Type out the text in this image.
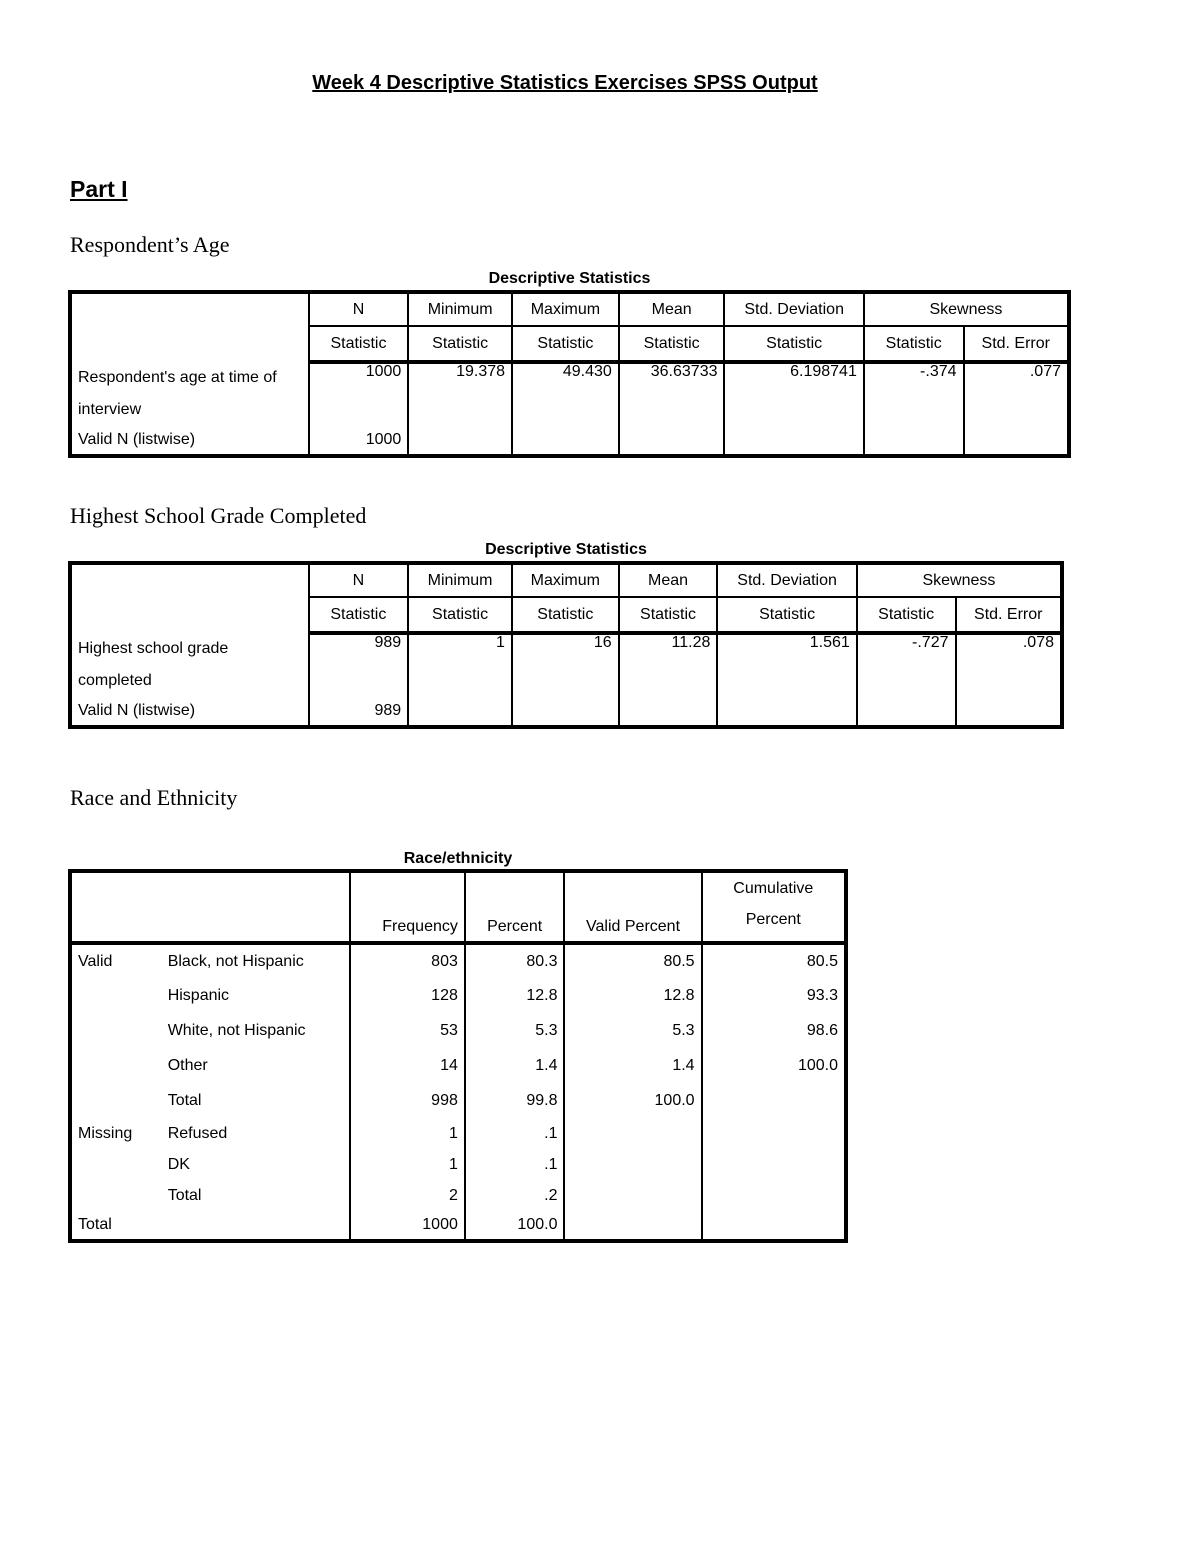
Week 4 Descriptive Statistics Exercises SPSS Output
Part I
Respondent’s Age
Descriptive Statistics
	N	Minimum	Maximum	Mean	Std. Deviation	Skewness	
	Statistic	Statistic	Statistic	Statistic	Statistic	Statistic	Std. Error
Respondent's age at time of interview	1000	19.378	49.430	36.63733	6.198741	-.374	.077
Valid N (listwise)	1000						
Highest School Grade Completed
Descriptive Statistics
	N	Minimum	Maximum	Mean	Std. Deviation	Skewness	
	Statistic	Statistic	Statistic	Statistic	Statistic	Statistic	Std. Error
Highest school grade completed	989	1	16	11.28	1.561	-.727	.078
Valid N (listwise)	989						
Race and Ethnicity
Race/ethnicity
		Frequency	Percent	Valid Percent	Cumulative
Percent
Valid	Black, not Hispanic	803	80.3	80.5	80.5
	Hispanic	128	12.8	12.8	93.3
	White, not Hispanic	53	5.3	5.3	98.6
	Other	14	1.4	1.4	100.0
	Total	998	99.8	100.0	
Missing	Refused	1	.1		
	DK	1	.1		
	Total	2	.2		
Total		1000	100.0		
